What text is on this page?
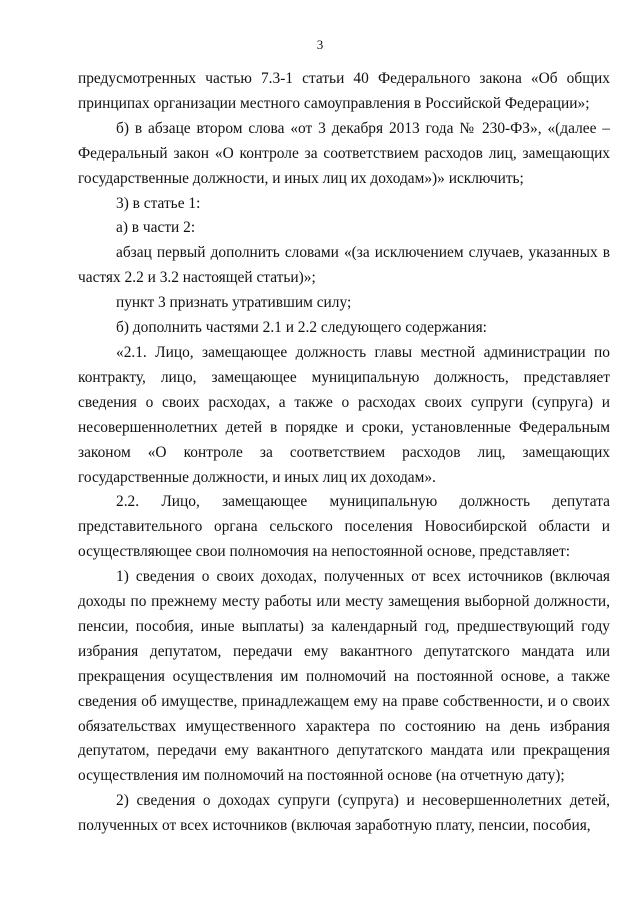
3

предусмотренных частью 7.3-1 статьи 40 Федерального закона «Об общих принципах организации местного самоуправления в Российской Федерации»;

б) в абзаце втором слова «от 3 декабря 2013 года № 230-ФЗ», «(далее – Федеральный закон «О контроле за соответствием расходов лиц, замещающих государственные должности, и иных лиц их доходам»)» исключить;

3) в статье 1:

а) в части 2:

абзац первый дополнить словами «(за исключением случаев, указанных в частях 2.2 и 3.2 настоящей статьи)»;

пункт 3 признать утратившим силу;

б) дополнить частями 2.1 и 2.2 следующего содержания:

«2.1. Лицо, замещающее должность главы местной администрации по контракту, лицо, замещающее муниципальную должность, представляет сведения о своих расходах, а также о расходах своих супруги (супруга) и несовершеннолетних детей в порядке и сроки, установленные Федеральным законом «О контроле за соответствием расходов лиц, замещающих государственные должности, и иных лиц их доходам».

2.2. Лицо, замещающее муниципальную должность депутата представительного органа сельского поселения Новосибирской области и осуществляющее свои полномочия на непостоянной основе, представляет:

1) сведения о своих доходах, полученных от всех источников (включая доходы по прежнему месту работы или месту замещения выборной должности, пенсии, пособия, иные выплаты) за календарный год, предшествующий году избрания депутатом, передачи ему вакантного депутатского мандата или прекращения осуществления им полномочий на постоянной основе, а также сведения об имуществе, принадлежащем ему на праве собственности, и о своих обязательствах имущественного характера по состоянию на день избрания депутатом, передачи ему вакантного депутатского мандата или прекращения осуществления им полномочий на постоянной основе (на отчетную дату);

2) сведения о доходах супруги (супруга) и несовершеннолетних детей, полученных от всех источников (включая заработную плату, пенсии, пособия,
